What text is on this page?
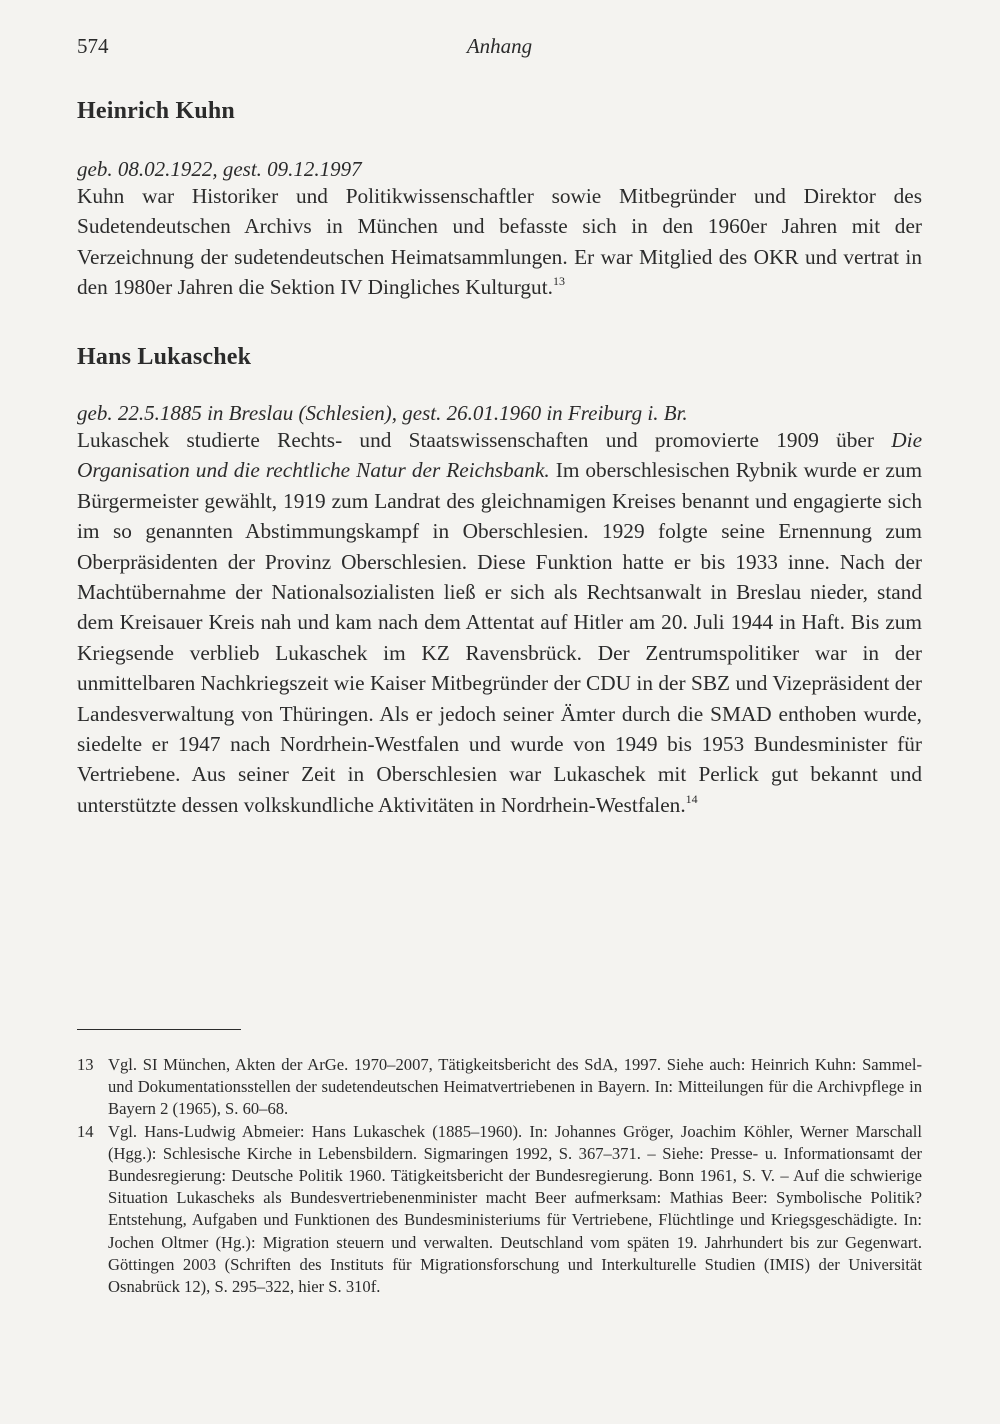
574	Anhang
Heinrich Kuhn
geb. 08.02.1922, gest. 09.12.1997

Kuhn war Historiker und Politikwissenschaftler sowie Mitbegründer und Direktor des Sudetendeutschen Archivs in München und befasste sich in den 1960er Jahren mit der Verzeichnung der sudetendeutschen Heimatsammlungen. Er war Mitglied des OKR und vertrat in den 1980er Jahren die Sektion IV Dingliches Kulturgut.$^{13}$

Hans Lukaschek
geb. 22.5.1885 in Breslau (Schlesien), gest. 26.01.1960 in Freiburg i. Br.

Lukaschek studierte Rechts- und Staatswissenschaften und promovierte 1909 über Die Organisation und die rechtliche Natur der Reichsbank. Im oberschlesischen Rybnik wurde er zum Bürgermeister gewählt, 1919 zum Landrat des gleichnamigen Kreises benannt und engagierte sich im so genannten Abstimmungskampf in Oberschlesien. 1929 folgte seine Ernennung zum Oberpräsidenten der Provinz Oberschlesien. Diese Funktion hatte er bis 1933 inne. Nach der Machtübernahme der Nationalsozialisten ließ er sich als Rechtsanwalt in Breslau nieder, stand dem Kreisauer Kreis nah und kam nach dem Attentat auf Hitler am 20. Juli 1944 in Haft. Bis zum Kriegsende verblieb Lukaschek im KZ Ravensbrück. Der Zentrumspolitiker war in der unmittelbaren Nachkriegszeit wie Kaiser Mitbegründer der CDU in der SBZ und Vizepräsident der Landesverwaltung von Thüringen. Als er jedoch seiner Ämter durch die SMAD enthoben wurde, siedelte er 1947 nach Nordrhein-Westfalen und wurde von 1949 bis 1953 Bundesminister für Vertriebene. Aus seiner Zeit in Oberschlesien war Lukaschek mit Perlick gut bekannt und unterstützte dessen volkskundliche Aktivitäten in Nordrhein-Westfalen.$^{14}$

13 Vgl. SI München, Akten der ArGe. 1970–2007, Tätigkeitsbericht des SdA, 1997. Siehe auch: Heinrich Kuhn: Sammel- und Dokumentationsstellen der sudetendeutschen Heimatvertriebenen in Bayern. In: Mitteilungen für die Archivpflege in Bayern 2 (1965), S. 60–68.
14 Vgl. Hans-Ludwig Abmeier: Hans Lukaschek (1885–1960). In: Johannes Gröger, Joachim Köhler, Werner Marschall (Hgg.): Schlesische Kirche in Lebensbildern. Sigmaringen 1992, S. 367–371. – Siehe: Presse- u. Informationsamt der Bundesregierung: Deutsche Politik 1960. Tätigkeitsbericht der Bundesregierung. Bonn 1961, S. V. – Auf die schwierige Situation Lukascheks als Bundesvertriebenenminister macht Beer aufmerksam: Mathias Beer: Symbolische Politik? Entstehung, Aufgaben und Funktionen des Bundesministeriums für Vertriebene, Flüchtlinge und Kriegsgeschädigte. In: Jochen Oltmer (Hg.): Migration steuern und verwalten. Deutschland vom späten 19. Jahrhundert bis zur Gegenwart. Göttingen 2003 (Schriften des Instituts für Migrationsforschung und Interkulturelle Studien (IMIS) der Universität Osnabrück 12), S. 295–322, hier S. 310f.
